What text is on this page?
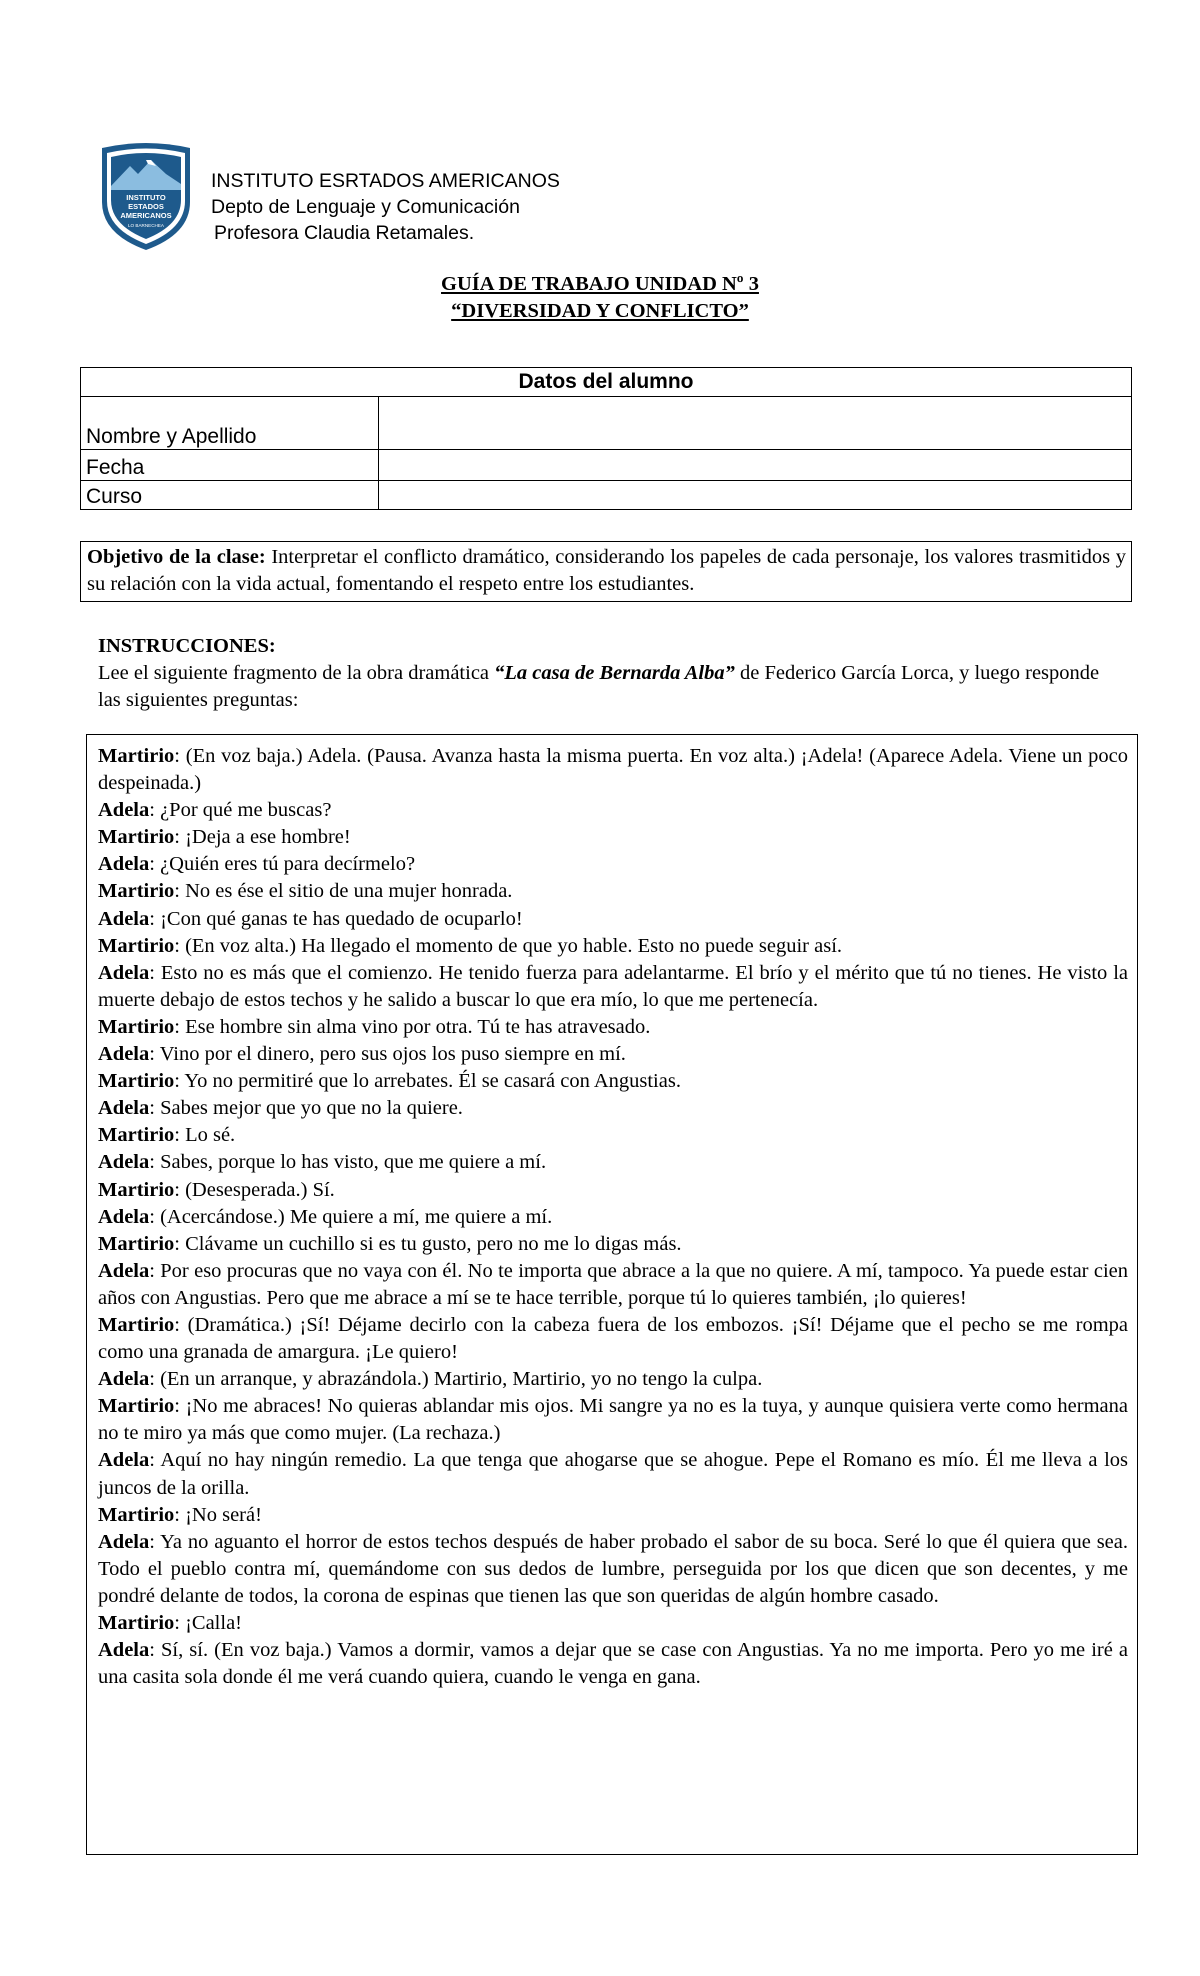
INSTITUTO
ESTADOS
AMERICANOS
LO BARNECHEA
INSTITUTO ESRTADOS AMERICANOS
Depto de Lenguaje y Comunicación
Profesora Claudia Retamales.
GUÍA DE TRABAJO UNIDAD Nº 3
“DIVERSIDAD Y CONFLICTO”
Datos del alumno	
Nombre y Apellido	
Fecha	
Curso	
Objetivo de la clase: Interpretar el conflicto dramático, considerando los papeles de cada personaje, los valores trasmitidos y su relación con la vida actual, fomentando el respeto entre los estudiantes.
INSTRUCCIONES:
Lee el siguiente fragmento de la obra dramática “La casa de Bernarda Alba” de Federico García Lorca, y luego responde las siguientes preguntas:

Martirio: (En voz baja.) Adela. (Pausa. Avanza hasta la misma puerta. En voz alta.) ¡Adela! (Aparece Adela. Viene un poco despeinada.)

Adela: ¿Por qué me buscas?

Martirio: ¡Deja a ese hombre!

Adela: ¿Quién eres tú para decírmelo?

Martirio: No es ése el sitio de una mujer honrada.

Adela: ¡Con qué ganas te has quedado de ocuparlo!

Martirio: (En voz alta.) Ha llegado el momento de que yo hable. Esto no puede seguir así.

Adela: Esto no es más que el comienzo. He tenido fuerza para adelantarme. El brío y el mérito que tú no tienes. He visto la muerte debajo de estos techos y he salido a buscar lo que era mío, lo que me pertenecía.

Martirio: Ese hombre sin alma vino por otra. Tú te has atravesado.

Adela: Vino por el dinero, pero sus ojos los puso siempre en mí.

Martirio: Yo no permitiré que lo arrebates. Él se casará con Angustias.

Adela: Sabes mejor que yo que no la quiere.

Martirio: Lo sé.

Adela: Sabes, porque lo has visto, que me quiere a mí.

Martirio: (Desesperada.) Sí.

Adela: (Acercándose.) Me quiere a mí, me quiere a mí.

Martirio: Clávame un cuchillo si es tu gusto, pero no me lo digas más.

Adela: Por eso procuras que no vaya con él. No te importa que abrace a la que no quiere. A mí, tampoco. Ya puede estar cien años con Angustias. Pero que me abrace a mí se te hace terrible, porque tú lo quieres también, ¡lo quieres!

Martirio: (Dramática.) ¡Sí! Déjame decirlo con la cabeza fuera de los embozos. ¡Sí! Déjame que el pecho se me rompa como una granada de amargura. ¡Le quiero!

Adela: (En un arranque, y abrazándola.) Martirio, Martirio, yo no tengo la culpa.

Martirio: ¡No me abraces! No quieras ablandar mis ojos. Mi sangre ya no es la tuya, y aunque quisiera verte como hermana no te miro ya más que como mujer. (La rechaza.)

Adela: Aquí no hay ningún remedio. La que tenga que ahogarse que se ahogue. Pepe el Romano es mío. Él me lleva a los juncos de la orilla.

Martirio: ¡No será!

Adela: Ya no aguanto el horror de estos techos después de haber probado el sabor de su boca. Seré lo que él quiera que sea. Todo el pueblo contra mí, quemándome con sus dedos de lumbre, perseguida por los que dicen que son decentes, y me pondré delante de todos, la corona de espinas que tienen las que son queridas de algún hombre casado.

Martirio: ¡Calla!

Adela: Sí, sí. (En voz baja.) Vamos a dormir, vamos a dejar que se case con Angustias. Ya no me importa. Pero yo me iré a una casita sola donde él me verá cuando quiera, cuando le venga en gana.
